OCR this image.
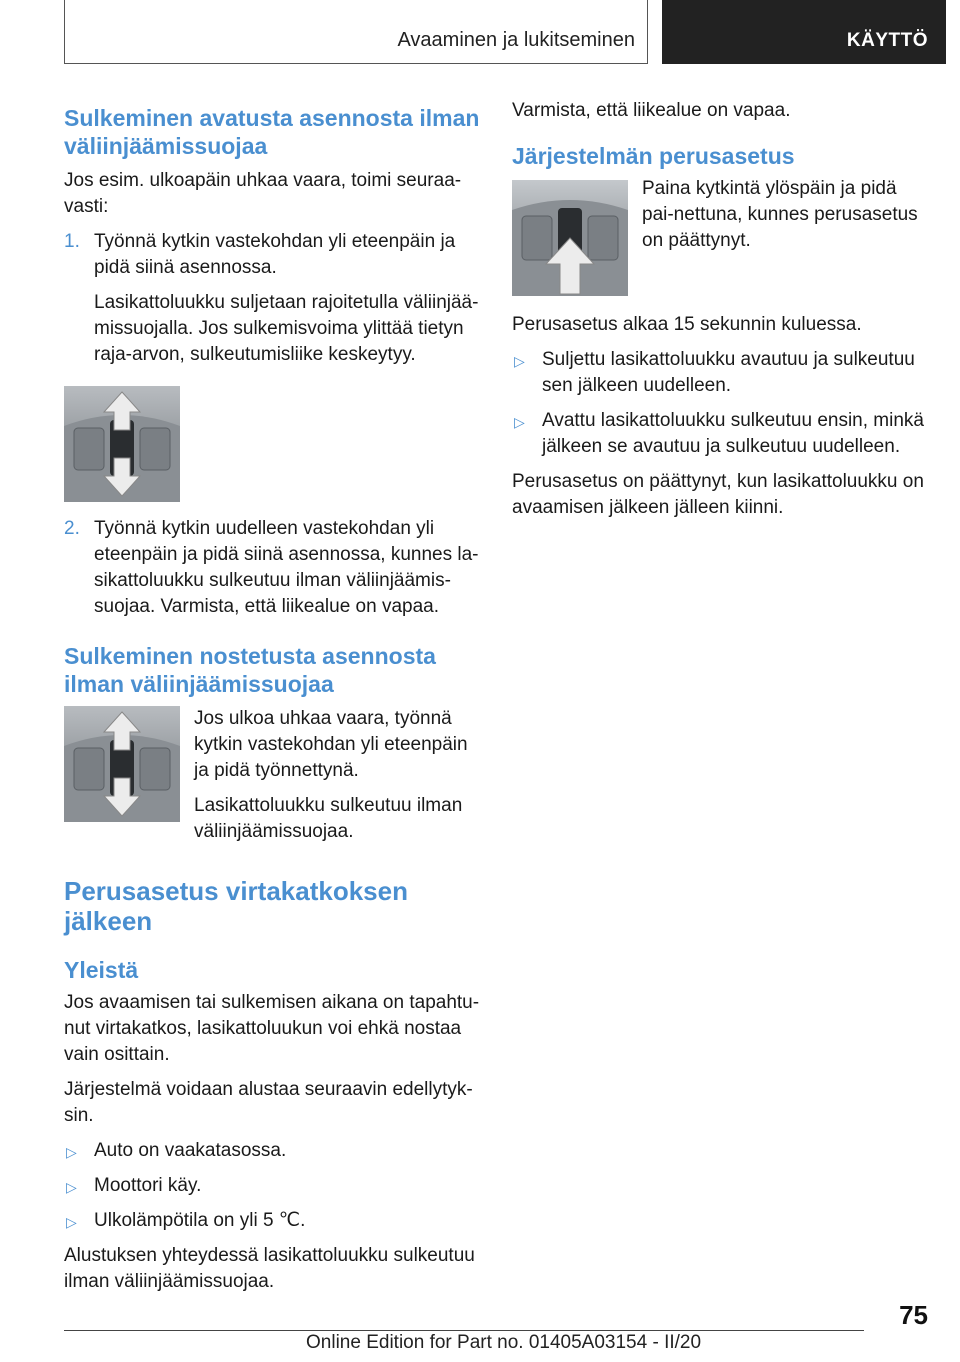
Avaaminen ja lukitseminen	KÄYTTÖ
Sulkeminen avatusta asennosta ilman väliinjäämissuojaa

Jos esim. ulkoapäin uhkaa vaara, toimi seuraa-vasti:

1. Työnnä kytkin vastekohdan yli eteenpäin ja pidä siinä asennossa.

Lasikattoluukku suljetaan rajoitetulla väliinjää-missuojalla. Jos sulkemisvoima ylittää tietyn raja-arvon, sulkeutumisliike keskeytyy.

2. Työnnä kytkin uudelleen vastekohdan yli eteenpäin ja pidä siinä asennossa, kunnes la-sikattoluukku sulkeutuu ilman väliinjäämis-suojaa. Varmista, että liikealue on vapaa.

Sulkeminen nostetusta asennosta ilman väliinjäämissuojaa

Jos ulkoa uhkaa vaara, työnnä kytkin vastekohdan yli eteenpäin ja pidä työnnettynä.

Lasikattoluukku sulkeutuu ilman väliinjäämissuojaa.

Perusasetus virtakatkoksen jälkeen
Yleistä

Jos avaamisen tai sulkemisen aikana on tapahtu-nut virtakatkos, lasikattoluukun voi ehkä nostaa vain osittain.

Järjestelmä voidaan alustaa seuraavin edellytyk-sin.

▷ Auto on vaakatasossa.

▷ Moottori käy.

▷ Ulkolämpötila on yli 5 ℃.

Alustuksen yhteydessä lasikattoluukku sulkeutuu ilman väliinjäämissuojaa.

Varmista, että liikealue on vapaa.

Järjestelmän perusasetus

Paina kytkintä ylöspäin ja pidä pai-nettuna, kunnes perusasetus on päättynyt.

Perusasetus alkaa 15 sekunnin kuluessa.

▷ Suljettu lasikattoluukku avautuu ja sulkeutuu sen jälkeen uudelleen.

▷ Avattu lasikattoluukku sulkeutuu ensin, minkä jälkeen se avautuu ja sulkeutuu uudelleen.

Perusasetus on päättynyt, kun lasikattoluukku on avaamisen jälkeen jälleen kiinni.

75
Online Edition for Part no. 01405A03154 - II/20
